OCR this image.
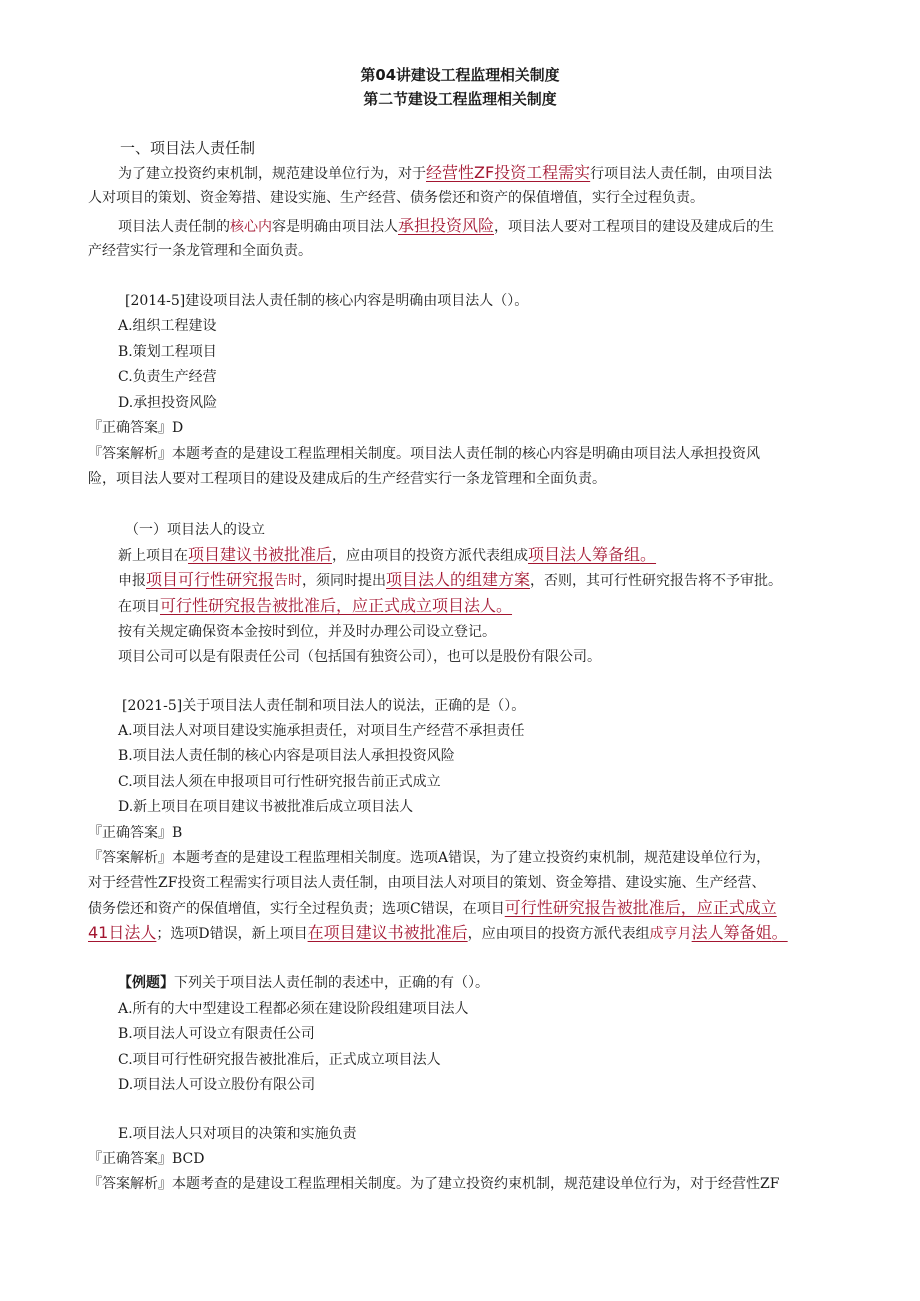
第04讲建设工程监理相关制度
第二节建设工程监理相关制度
一、项目法人责任制
为了建立投资约束机制，规范建设单位行为，对于经营性ZF投资工程需实行项目法人责任制，由项目法
人对项目的策划、资金筹措、建设实施、生产经营、债务偿还和资产的保值增值，实行全过程负责。
项目法人责任制的核心内容是明确由项目法人承担投资风险，项目法人要对工程项目的建设及建成后的生
产经营实行一条龙管理和全面负责。
[2014-5]建设项目法人责任制的核心内容是明确由项目法人（）。
A.组织工程建设
B.策划工程项目
C.负责生产经营
D.承担投资风险
『正确答案』D
『答案解析』本题考查的是建设工程监理相关制度。项目法人责任制的核心内容是明确由项目法人承担投资风
险，项目法人要对工程项目的建设及建成后的生产经营实行一条龙管理和全面负责。
（一）项目法人的设立
新上项目在项目建议书被批准后，应由项目的投资方派代表组成项目法人筹备组。
申报项目可行性研究报告时，须同时提出项目法人的组建方案，否则，其可行性研究报告将不予审批。
在项目可行性研究报告被批准后，应正式成立项目法人。
按有关规定确保资本金按时到位，并及时办理公司设立登记。
项目公司可以是有限责任公司（包括国有独资公司），也可以是股份有限公司。
[2021-5]关于项目法人责任制和项目法人的说法，正确的是（）。
A.项目法人对项目建设实施承担责任，对项目生产经营不承担责任
B.项目法人责任制的核心内容是项目法人承担投资风险
C.项目法人须在申报项目可行性研究报告前正式成立
D.新上项目在项目建议书被批准后成立项目法人
『正确答案』B
『答案解析』本题考查的是建设工程监理相关制度。选项A错误，为了建立投资约束机制，规范建设单位行为，
对于经营性ZF投资工程需实行项目法人责任制，由项目法人对项目的策划、资金筹措、建设实施、生产经营、
债务偿还和资产的保值增值，实行全过程负责；选项C错误，在项目可行性研究报告被批准后，应正式成立
41日法人；选项D错误，新上项目在项目建议书被批准后，应由项目的投资方派代表组成亨月法人筹备姐。
【例题】下列关于项目法人责任制的表述中，正确的有（）。
A.所有的大中型建设工程都必须在建设阶段组建项目法人
B.项目法人可设立有限责任公司
C.项目可行性研究报告被批准后，正式成立项目法人
D.项目法人可设立股份有限公司
E.项目法人只对项目的决策和实施负责
『正确答案』BCD
『答案解析』本题考查的是建设工程监理相关制度。为了建立投资约束机制，规范建设单位行为，对于经营性ZF
